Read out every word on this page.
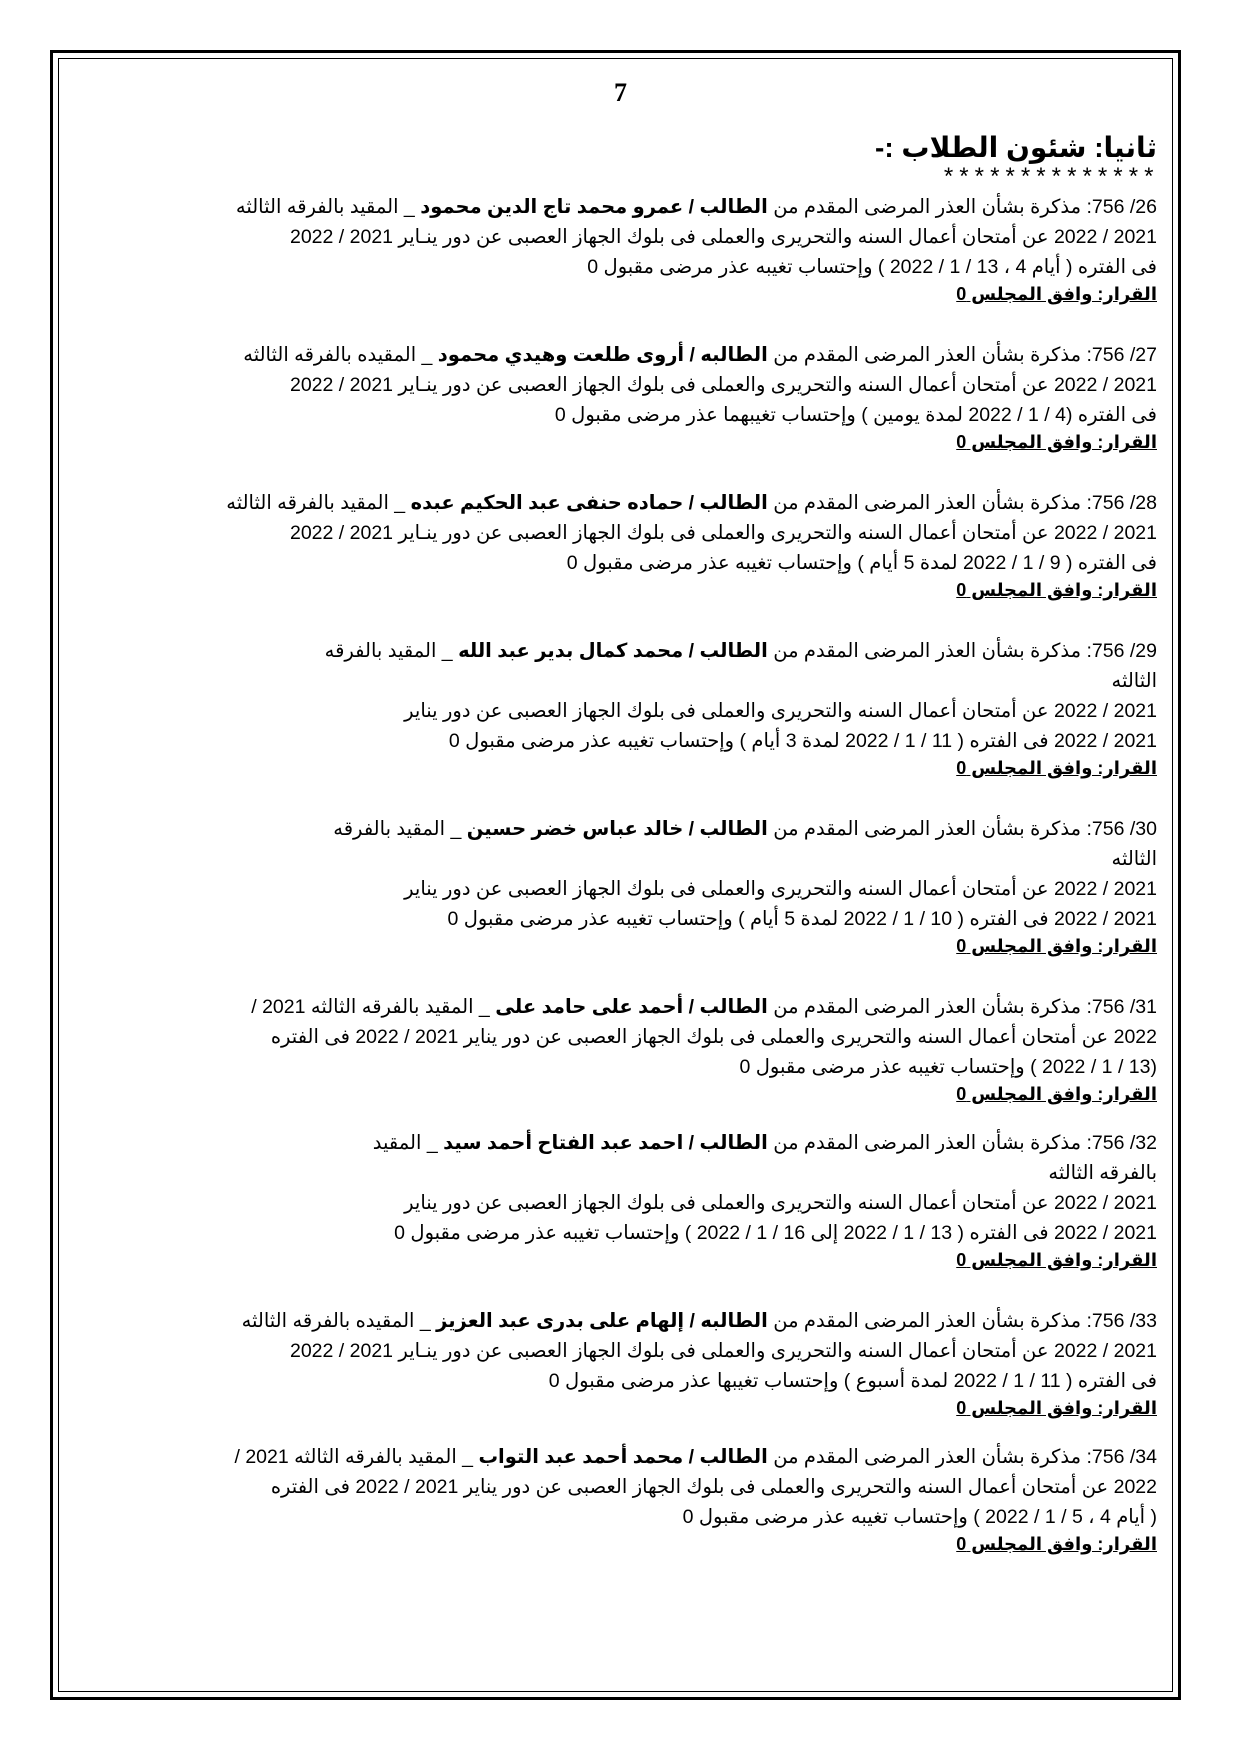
7
ثانيا: شئون الطلاب :-
**************

26/ 756: مذكرة بشأن العذر المرضى المقدم من الطالب / عمرو محمد تاج الدين محمود _ المقيد بالفرقه الثالثه

2021 / 2022 عن أمتحان أعمال السنه والتحريرى والعملى فى بلوك الجهاز العصبى عن دور ينـاير 2021 / 2022

فى الفتره ( أيام 4 ، 13 / 1 / 2022 ) وإحتساب تغيبه عذر مرضى مقبول 0

القرار: وافق المجلس 0

27/ 756: مذكرة بشأن العذر المرضى المقدم من الطالبه / أروى طلعت وهيدي محمود _ المقيده بالفرقه الثالثه

2021 / 2022 عن أمتحان أعمال السنه والتحريرى والعملى فى بلوك الجهاز العصبى عن دور ينـاير 2021 / 2022

فى الفتره (4 / 1 / 2022 لمدة يومين ) وإحتساب تغيبهما عذر مرضى مقبول 0

القرار: وافق المجلس 0

28/ 756: مذكرة بشأن العذر المرضى المقدم من الطالب / حماده حنفى عبد الحكيم عبده _ المقيد بالفرقه الثالثه

2021 / 2022 عن أمتحان أعمال السنه والتحريرى والعملى فى بلوك الجهاز العصبى عن دور ينـاير 2021 / 2022

فى الفتره ( 9 / 1 / 2022 لمدة 5 أيام ) وإحتساب تغيبه عذر مرضى مقبول 0

القرار: وافق المجلس 0

29/ 756: مذكرة بشأن العذر المرضى المقدم من الطالب / محمد كمال بدير عبد الله _ المقيد بالفرقه الثالثه

2021 / 2022 عن أمتحان أعمال السنه والتحريرى والعملى فى بلوك الجهاز العصبى عن دور يناير

2021 / 2022 فى الفتره ( 11 / 1 / 2022 لمدة 3 أيام ) وإحتساب تغيبه عذر مرضى مقبول 0

القرار: وافق المجلس 0

30/ 756: مذكرة بشأن العذر المرضى المقدم من الطالب / خالد عباس خضر حسين _ المقيد بالفرقه الثالثه

2021 / 2022 عن أمتحان أعمال السنه والتحريرى والعملى فى بلوك الجهاز العصبى عن دور يناير

2021 / 2022 فى الفتره ( 10 / 1 / 2022 لمدة 5 أيام ) وإحتساب تغيبه عذر مرضى مقبول 0

القرار: وافق المجلس 0

31/ 756: مذكرة بشأن العذر المرضى المقدم من الطالب / أحمد على حامد على _ المقيد بالفرقه الثالثه 2021 /

2022 عن أمتحان أعمال السنه والتحريرى والعملى فى بلوك الجهاز العصبى عن دور يناير 2021 / 2022 فى الفتره

(13 / 1 / 2022 ) وإحتساب تغيبه عذر مرضى مقبول 0

القرار: وافق المجلس 0

32/ 756: مذكرة بشأن العذر المرضى المقدم من الطالب / احمد عبد الفتاح أحمد سيد _ المقيد بالفرقه الثالثه

2021 / 2022 عن أمتحان أعمال السنه والتحريرى والعملى فى بلوك الجهاز العصبى عن دور يناير

2021 / 2022 فى الفتره ( 13 / 1 / 2022 إلى 16 / 1 / 2022 ) وإحتساب تغيبه عذر مرضى مقبول 0

القرار: وافق المجلس 0

33/ 756: مذكرة بشأن العذر المرضى المقدم من الطالبه / إلهام على بدرى عبد العزيز _ المقيده بالفرقه الثالثه

2021 / 2022 عن أمتحان أعمال السنه والتحريرى والعملى فى بلوك الجهاز العصبى عن دور ينـاير 2021 / 2022

فى الفتره ( 11 / 1 / 2022 لمدة أسبوع ) وإحتساب تغيبها عذر مرضى مقبول 0

القرار: وافق المجلس 0

34/ 756: مذكرة بشأن العذر المرضى المقدم من الطالب / محمد أحمد عبد التواب _ المقيد بالفرقه الثالثه 2021 /

2022 عن أمتحان أعمال السنه والتحريرى والعملى فى بلوك الجهاز العصبى عن دور يناير 2021 / 2022 فى الفتره

( أيام 4 ، 5 / 1 / 2022 ) وإحتساب تغيبه عذر مرضى مقبول 0

القرار: وافق المجلس 0
